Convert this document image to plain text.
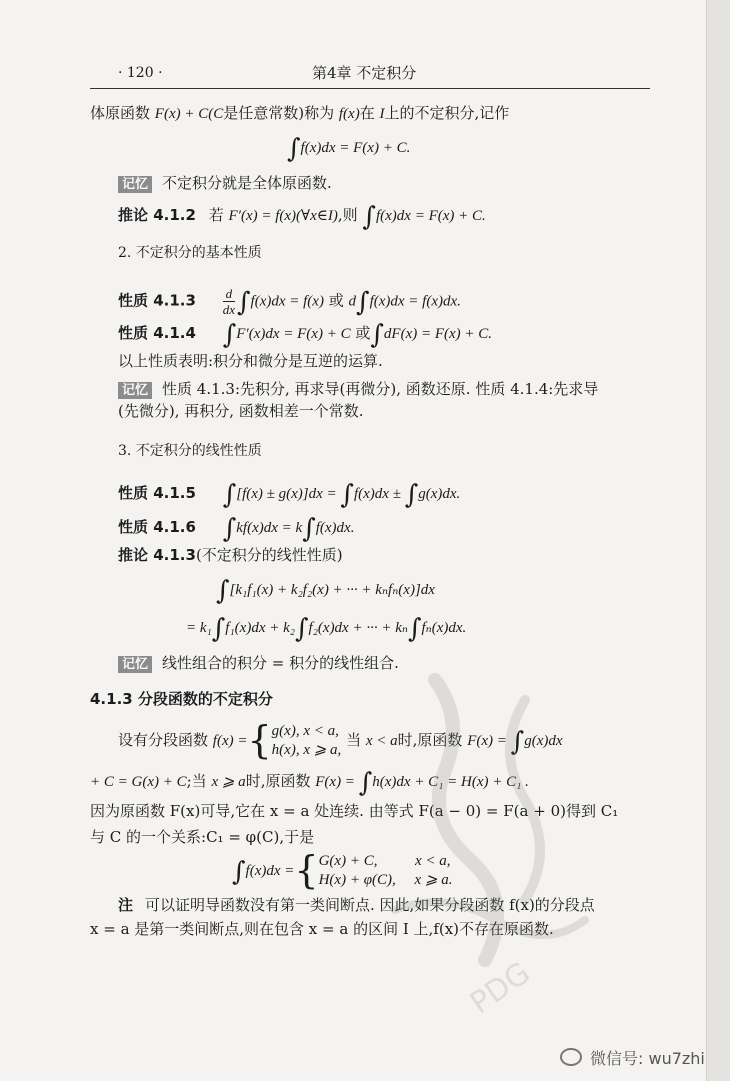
· 120 ·	第4章 不定积分
体原函数 F(x) + C(C是任意常数)称为 f(x)在 I上的不定积分,记作
∫f(x)dx = F(x) + C.
记忆 不定积分就是全体原函数.
推论 4.1.2 若 F′(x) = f(x)(∀x∈I),则 ∫f(x)dx = F(x) + C.
2. 不定积分的基本性质
性质 $4.1.3 \frac{d}{dx} \int f(x)dx = f(x)$ 或 d∫f(x)dx = f(x)dx.
性质 4.1.4 ∫F′(x)dx = F(x) + C 或∫dF(x) = F(x) + C.
以上性质表明:积分和微分是互逆的运算.
记忆 性质 4.1.3:先积分, 再求导(再微分), 函数还原. 性质 4.1.4:先求导
(先微分), 再积分, 函数相差一个常数.
3. 不定积分的线性性质
性质 4.1.5 ∫[f(x) ± g(x)]dx = ∫f(x)dx ± ∫g(x)dx.
性质 4.1.6 ∫kf(x)dx = k∫f(x)dx.
推论 4.1.3(不定积分的线性性质)
∫[k₁f₁(x) + k₂f₂(x) + ··· + kₙfₙ(x)]dx
= k₁∫f₁(x)dx + k₂∫f₂(x)dx + ··· + kₙ∫fₙ(x)dx.
记忆 线性组合的积分 = 积分的线性组合.
4.1.3 分段函数的不定积分
设有分段函数 f(x) ={ g(x), x < a,
h(x), x ⩾ a,
当 x < a时,原函数 F(x) = ∫g(x)dx
+ C = G(x) + C;当 x ⩾ a时,原函数 F(x) = ∫h(x)dx + C₁ = H(x) + C₁ .
因为原函数 F(x)可导,它在 x = a 处连续. 由等式 F(a − 0) = F(a + 0)得到 C₁
与 C 的一个关系:C₁ = φ(C),于是
∫f(x)dx ={ G(x) + C,          x < a,
H(x) + φ(C),     x ⩾ a.
注 可以证明导函数没有第一类间断点. 因此,如果分段函数 f(x)的分段点
x = a 是第一类间断点,则在包含 x = a 的区间 I 上,f(x)不存在原函数.
PDG
微信号: wu7zhi
